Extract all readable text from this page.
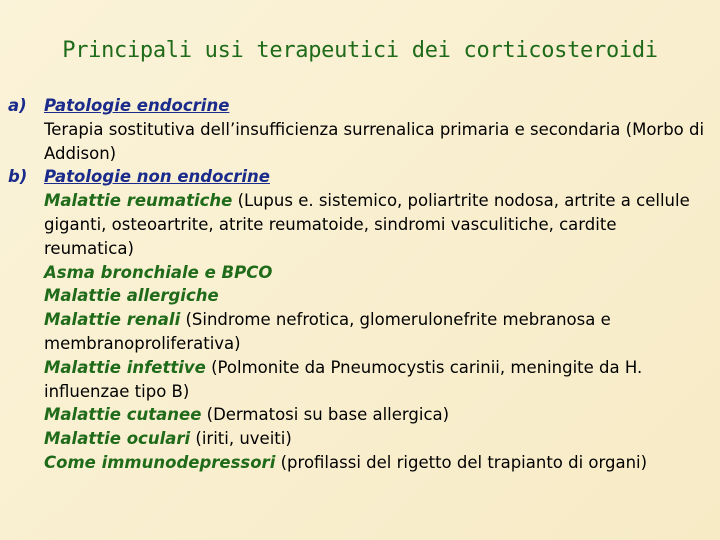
Principali usi terapeutici dei corticosteroidi
a)	Patologie endocrine
Terapia sostitutiva dell’insufficienza surrenalica primaria e secondaria (Morbo di Addison)
b)	Patologie non endocrine
Malattie reumatiche (Lupus e. sistemico, poliartrite nodosa, artrite a cellule giganti, osteoartrite, atrite reumatoide, sindromi vasculitiche, cardite reumatica)
Asma bronchiale e BPCO
Malattie allergiche
Malattie renali (Sindrome nefrotica, glomerulonefrite mebranosa e membranoproliferativa)
Malattie infettive (Polmonite da Pneumocystis carinii, meningite da H. influenzae tipo B)
Malattie cutanee (Dermatosi su base allergica)
Malattie oculari (iriti, uveiti)
Come immunodepressori (profilassi del rigetto del trapianto di organi)
